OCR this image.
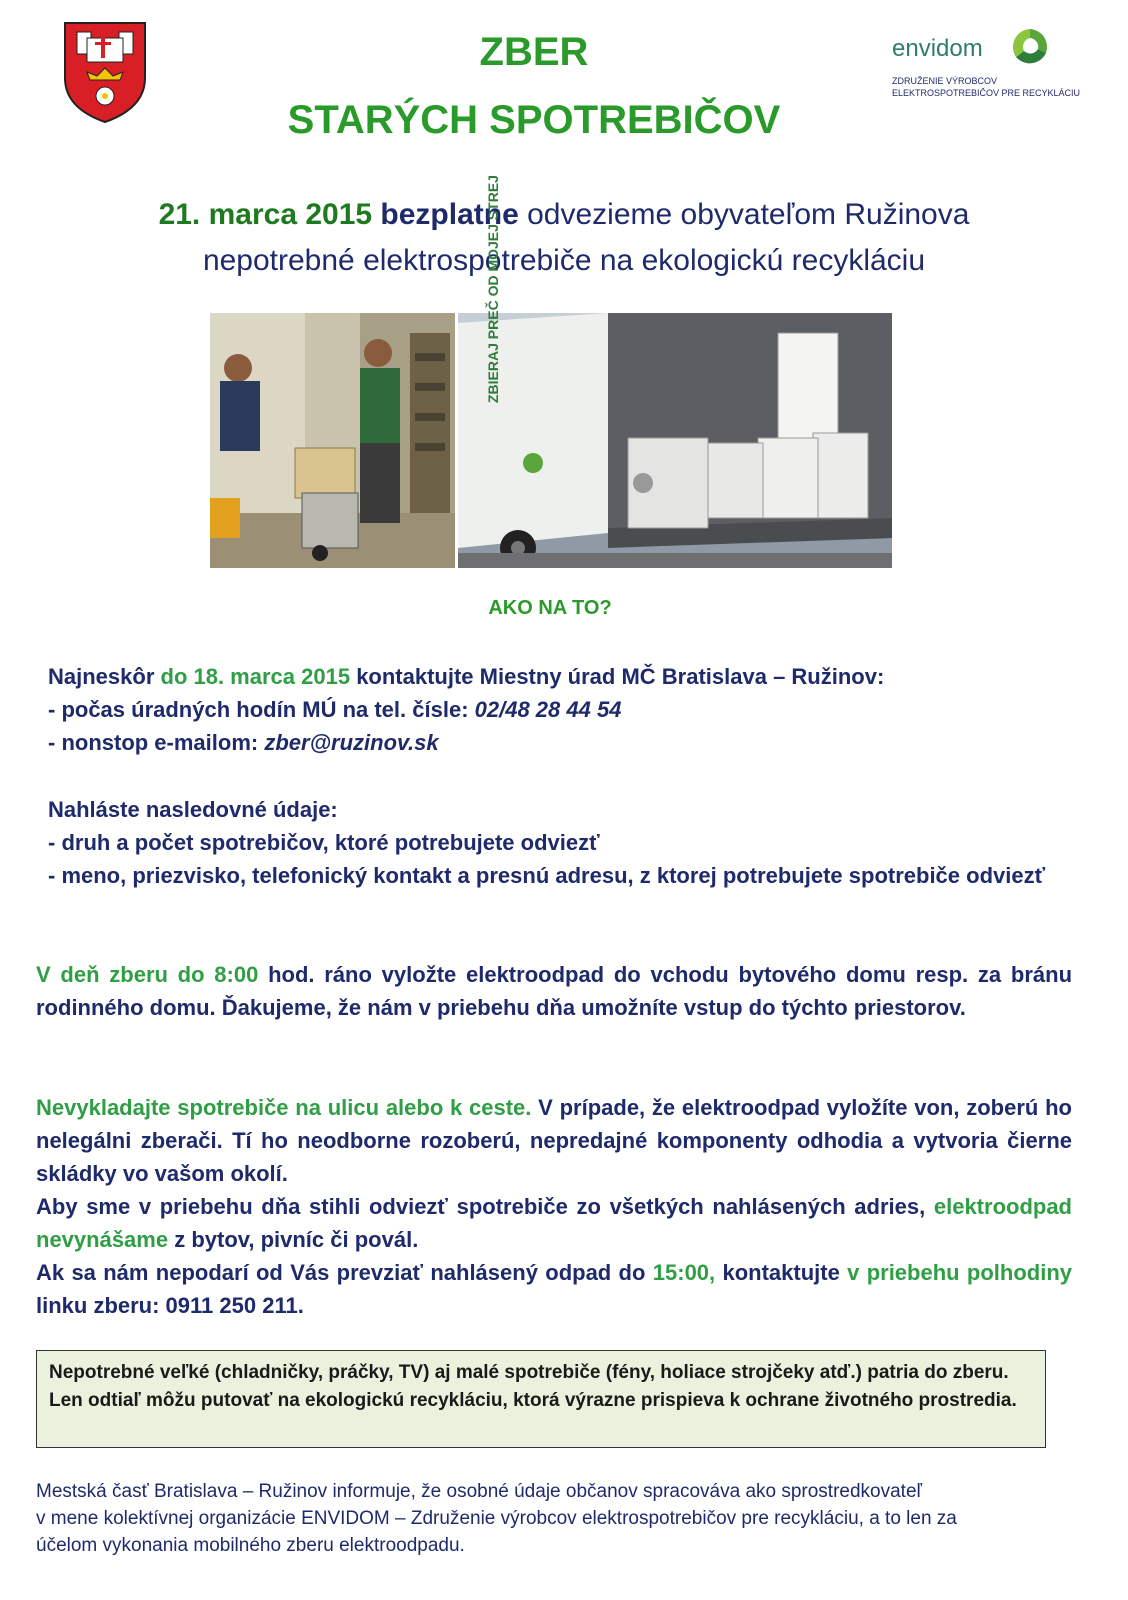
envidom
ZDRUŽENIE VÝROBCOV
ELEKTROSPOTREBIČOV PRE RECYKLÁCIU
ZBER
STARÝCH SPOTREBIČOV
21. marca 2015 bezplatne odvezieme obyvateľom Ružinova
nepotrebné elektrospotrebiče na ekologickú recykláciu
ZBIERAJ PREČ OD MOJEJ STREJ
AKO NA TO?
Najneskôr do 18. marca 2015 kontaktujte Miestny úrad MČ Bratislava – Ružinov:
- počas úradných hodín MÚ na tel. čísle: 02/48 28 44 54
- nonstop e-mailom: zber@ruzinov.sk
Nahláste nasledovné údaje:
- druh a počet spotrebičov, ktoré potrebujete odviezť
- meno, priezvisko, telefonický kontakt a presnú adresu, z ktorej potrebujete spotrebiče odviezť
V deň zberu do 8:00 hod. ráno vyložte elektroodpad do vchodu bytového domu resp. za bránu rodinného domu. Ďakujeme, že nám v priebehu dňa umožníte vstup do týchto priestorov.
Nevykladajte spotrebiče na ulicu alebo k ceste. V prípade, že elektroodpad vyložíte von, zoberú ho nelegálni zberači. Tí ho neodborne rozoberú, nepredajné komponenty odhodia a vytvoria čierne skládky vo vašom okolí.
Aby sme v priebehu dňa stihli odviezť spotrebiče zo všetkých nahlásených adries, elektroodpad nevynášame z bytov, pivníc či povál.
Ak sa nám nepodarí od Vás prevziať nahlásený odpad do 15:00, kontaktujte v priebehu polhodiny linku zberu: 0911 250 211.
Nepotrebné veľké (chladničky, práčky, TV) aj malé spotrebiče (fény, holiace strojčeky atď.) patria do zberu. Len odtiaľ môžu putovať na ekologickú recykláciu, ktorá výrazne prispieva k ochrane životného prostredia.
Mestská časť Bratislava – Ružinov informuje, že osobné údaje občanov spracováva ako sprostredkovateľ
v mene kolektívnej organizácie ENVIDOM – Združenie výrobcov elektrospotrebičov pre recykláciu, a to len za
účelom vykonania mobilného zberu elektroodpadu.
